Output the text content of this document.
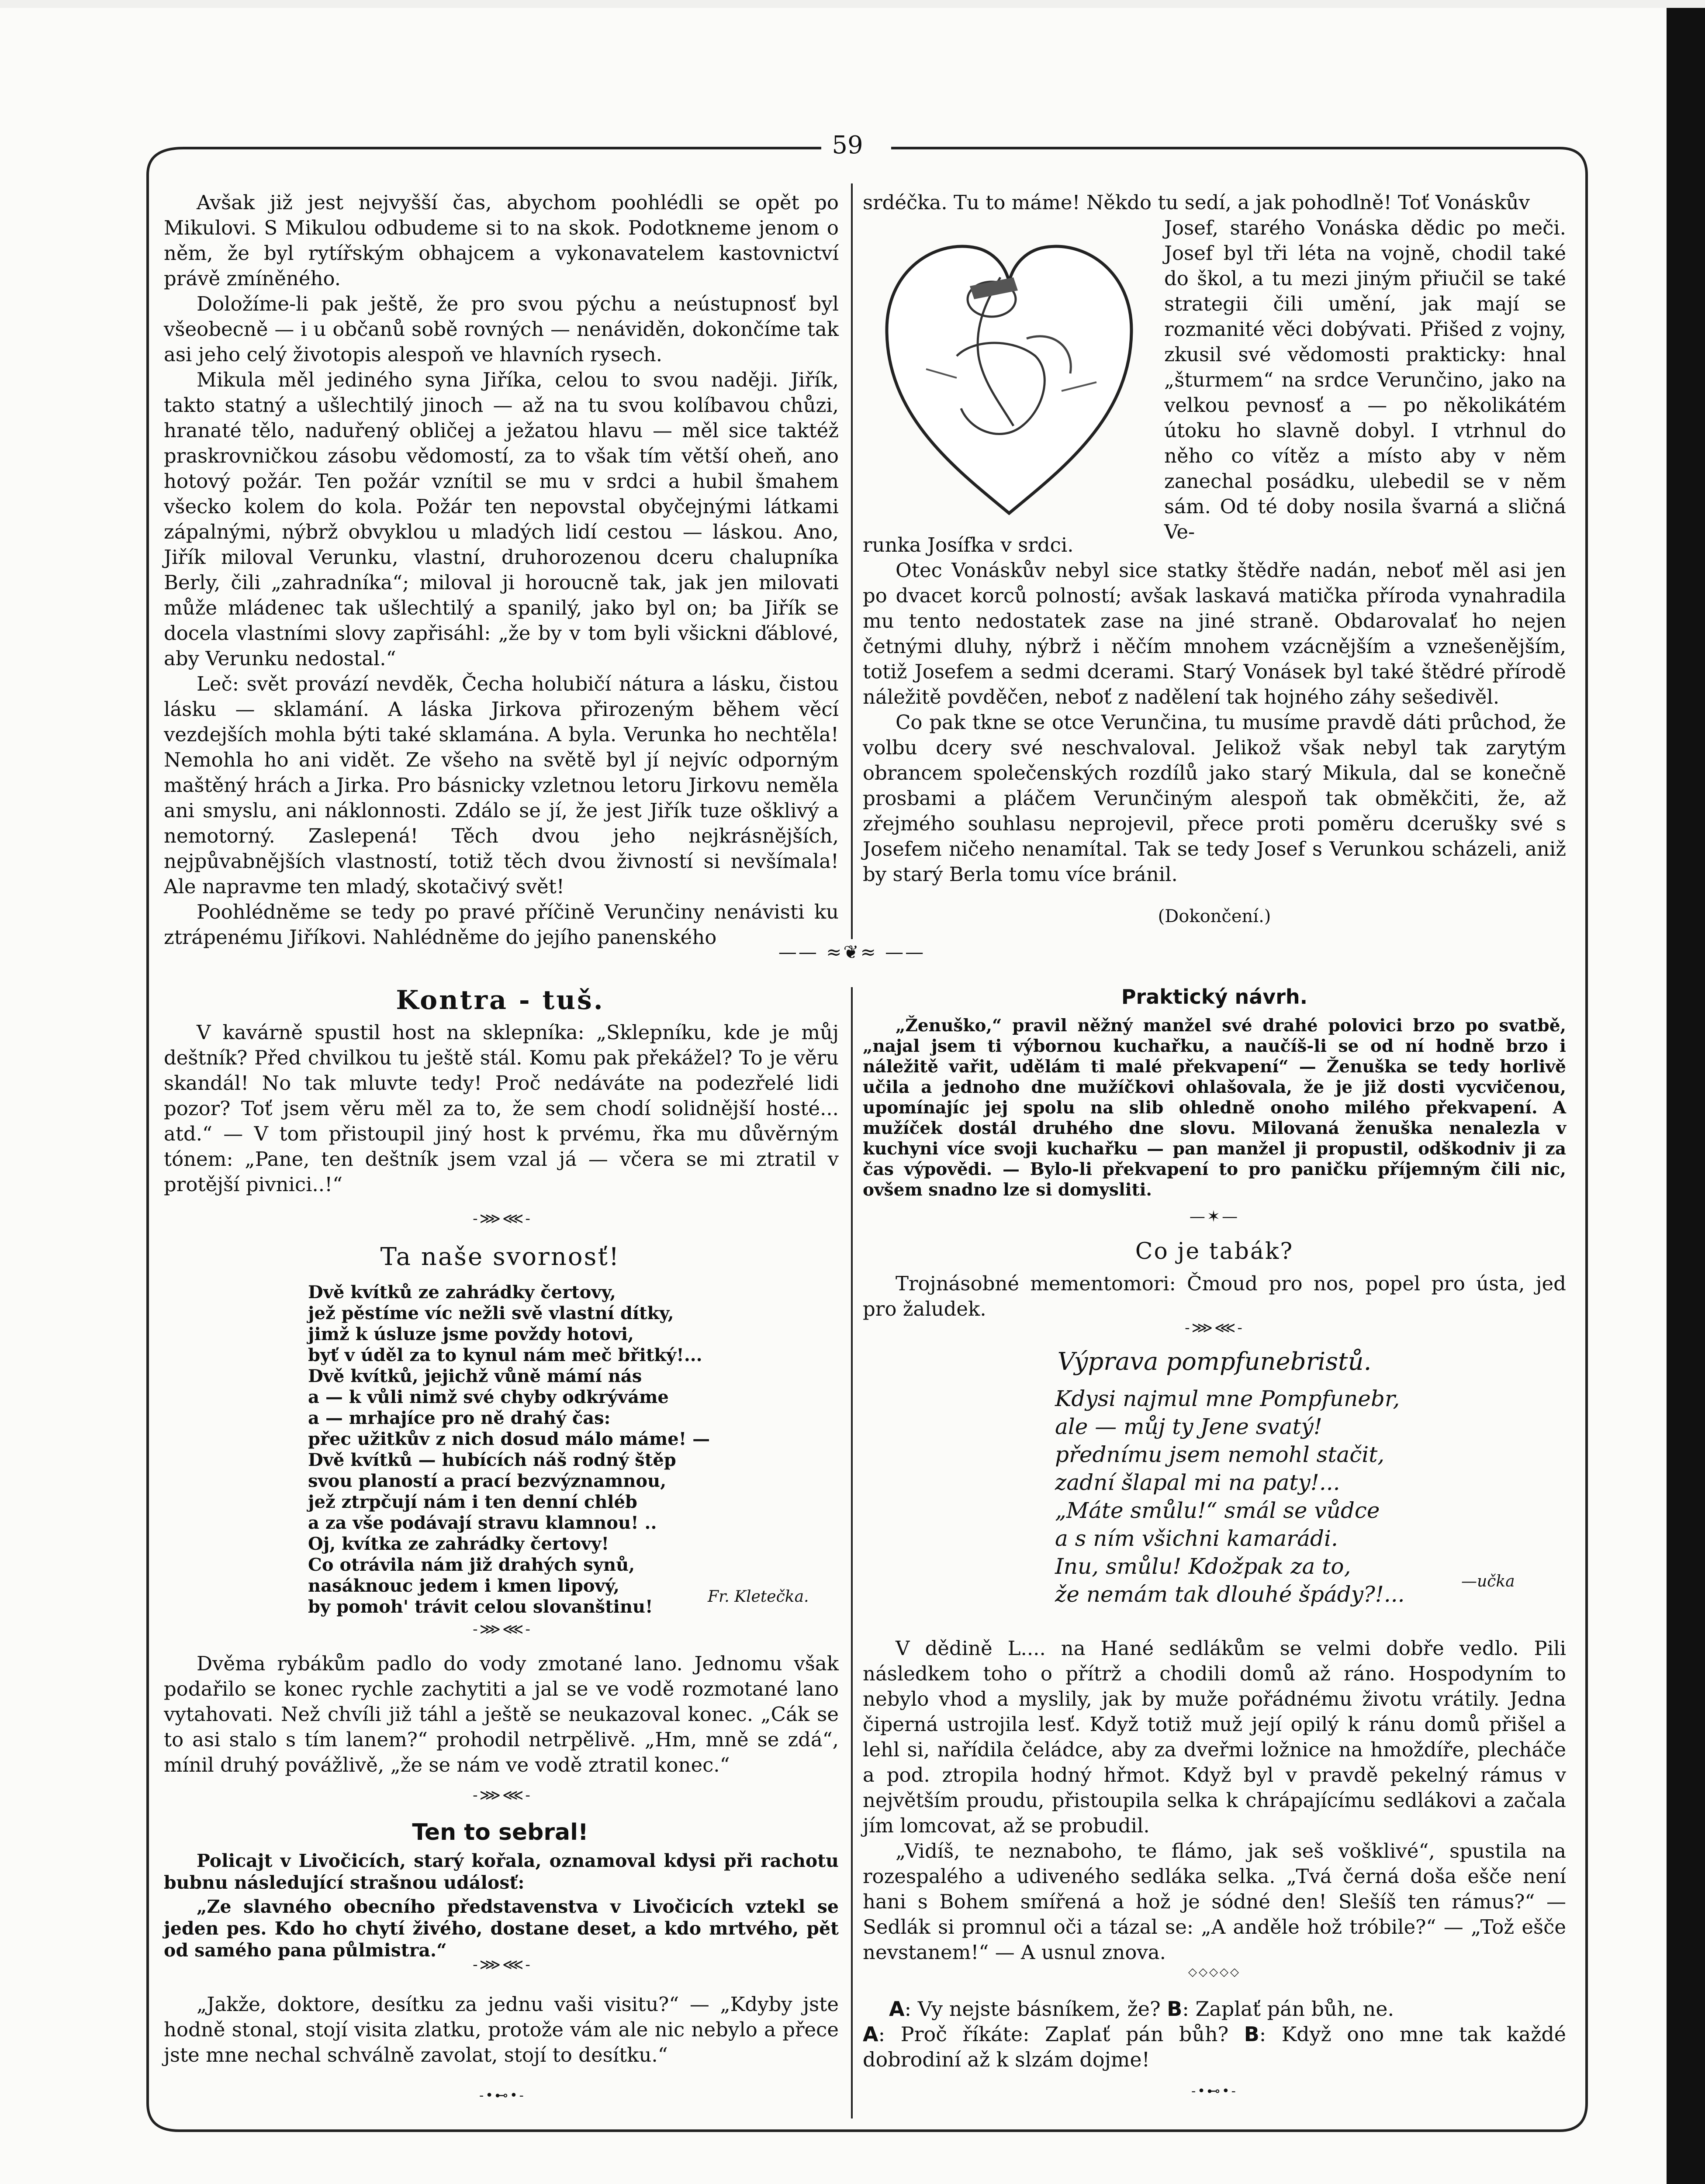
59

Avšak již jest nejvyšší čas, abychom poohlédli se opět po Mikulovi. S Mikulou odbudeme si to na skok. Podotkneme jenom o něm, že byl rytířským obhajcem a vykonavatelem kastovnictví právě zmíněného.

Doložíme-li pak ještě, že pro svou pýchu a neústupnosť byl všeobecně — i u občanů sobě rovných — nenáviděn, dokončíme tak asi jeho celý životopis alespoň ve hlavních rysech.

Mikula měl jediného syna Jiříka, celou to svou naději. Jiřík, takto statný a ušlechtilý jinoch — až na tu svou kolíbavou chůzi, hranaté tělo, naduřený obličej a ježatou hlavu — měl sice taktéž praskrovničkou zásobu vědomostí, za to však tím větší oheň, ano hotový požár. Ten požár vznítil se mu v srdci a hubil šmahem všecko kolem do kola. Požár ten nepovstal obyčejnými látkami zápalnými, nýbrž obvyklou u mladých lidí cestou — láskou. Ano, Jiřík miloval Verunku, vlastní, druhorozenou dceru chalupníka Berly, čili „zahradníka“; miloval ji horoucně tak, jak jen milovati může mládenec tak ušlechtilý a spanilý, jako byl on; ba Jiřík se docela vlastními slovy zapřisáhl: „že by v tom byli všickni ďáblové, aby Verunku nedostal.“

Leč: svět provází nevděk, Čecha holubičí nátura a lásku, čistou lásku — sklamání. A láska Jirkova přirozeným během věcí vezdejších mohla býti také sklamána. A byla. Verunka ho nechtěla! Nemohla ho ani vidět. Ze všeho na světě byl jí nejvíc odporným maštěný hrách a Jirka. Pro básnicky vzletnou letoru Jirkovu neměla ani smyslu, ani náklonnosti. Zdálo se jí, že jest Jiřík tuze ošklivý a nemotorný. Zaslepená! Těch dvou jeho nejkrásnějších, nejpůvabnějších vlastností, totiž těch dvou živností si nevšímala! Ale napravme ten mladý, skotačivý svět!

Poohlédněme se tedy po pravé příčině Verunčiny nenávisti ku ztrápenému Jiříkovi. Nahlédněme do jejího panenského

srdéčka. Tu to máme! Někdo tu sedí, a jak pohodlně! Toť Vonáskův

Josef, starého Vonáska dědic po meči. Josef byl tři léta na vojně, chodil také do škol, a tu mezi jiným přiučil se také strategii čili umění, jak mají se rozmanité věci dobývati. Přišed z vojny, zkusil své vědomosti prakticky: hnal „šturmem“ na srdce Verunčino, jako na velkou pevnosť a — po několikátém útoku ho slavně dobyl. I vtrhnul do něho co vítěz a místo aby v něm zanechal posádku, ulebedil se v něm sám. Od té doby nosila švarná a sličná Ve-

runka Josífka v srdci.

Otec Vonáskův nebyl sice statky štědře nadán, neboť měl asi jen po dvacet korců polností; avšak laskavá matička příroda vynahradila mu tento nedostatek zase na jiné straně. Obdarovalať ho nejen četnými dluhy, nýbrž i něčím mnohem vzácnějším a vznešenějším, totiž Josefem a sedmi dcerami. Starý Vonásek byl také štědré přírodě náležitě povděčen, neboť z nadělení tak hojného záhy sešedivěl.

Co pak tkne se otce Verunčina, tu musíme pravdě dáti průchod, že volbu dcery své neschvaloval. Jelikož však nebyl tak zarytým obrancem společenských rozdílů jako starý Mikula, dal se konečně prosbami a pláčem Verunčiným alespoň tak obměkčiti, že, až zřejmého souhlasu neprojevil, přece proti poměru dcerušky své s Josefem ničeho nenamítal. Tak se tedy Josef s Verunkou scházeli, aniž by starý Berla tomu více bránil.

(Dokončení.)
—— ≈❦≈ ——
Kontra - tuš.

V kavárně spustil host na sklepníka: „Sklepníku, kde je můj deštník? Před chvilkou tu ještě stál. Komu pak překážel? To je věru skandál! No tak mluvte tedy! Proč nedáváte na podezřelé lidi pozor? Toť jsem věru měl za to, že sem chodí solidnější hosté... atd.“ — V tom přistoupil jiný host k prvému, řka mu důvěrným tónem: „Pane, ten deštník jsem vzal já — včera se mi ztratil v protější pivnici..!“

-⋙⋘-
Ta naše svornosť!
Dvě kvítků ze zahrádky čertovy,
jež pěstíme víc nežli svě vlastní dítky,
jimž k úsluze jsme povždy hotovi,
byť v úděl za to kynul nám meč břitký!...
Dvě kvítků, jejichž vůně mámí nás
a — k vůli nimž své chyby odkrýváme
a — mrhajíce pro ně drahý čas:
přec užitkův z nich dosud málo máme! —
Dvě kvítků — hubících náš rodný štěp
svou plaností a prací bezvýznamnou,
jež ztrpčují nám i ten denní chléb
a za vše podávají stravu klamnou! ..
Oj, kvítka ze zahrádky čertovy!
Co otrávila nám již drahých synů,
nasáknouc jedem i kmen lipový,
by pomoh' trávit celou slovanštinu!	Fr. Kletečka.
-⋙⋘-

Dvěma rybákům padlo do vody zmotané lano. Jednomu však podařilo se konec rychle zachytiti a jal se ve vodě rozmotané lano vytahovati. Než chvíli již táhl a ještě se neukazoval konec. „Cák se to asi stalo s tím lanem?“ prohodil netrpělivě. „Hm, mně se zdá“, mínil druhý povážlivě, „že se nám ve vodě ztratil konec.“

-⋙⋘-
Ten to sebral!

Policajt v Livočicích, starý kořala, oznamoval kdysi při rachotu bubnu následující strašnou událosť:

„Ze slavného obecního představenstva v Livočicích vztekl se jeden pes. Kdo ho chytí živého, dostane deset, a kdo mrtvého, pět od samého pana půlmistra.“

-⋙⋘-

„Jakže, doktore, desítku za jednu vaši visitu?“ — „Kdyby jste hodně stonal, stojí visita zlatku, protože vám ale nic nebylo a přece jste mne nechal schválně zavolat, stojí to desítku.“

-•⊷•-
Praktický návrh.

„Ženuško,“ pravil něžný manžel své drahé polovici brzo po svatbě, „najal jsem ti výbornou kuchařku, a naučíš-li se od ní hodně brzo i náležitě vařit, udělám ti malé překvapení“ — Ženuška se tedy horlivě učila a jednoho dne mužíčkovi ohlašovala, že je již dosti vycvičenou, upomínajíc jej spolu na slib ohledně onoho milého překvapení. A mužíček dostál druhého dne slovu. Milovaná ženuška nenalezla v kuchyni více svoji kuchařku — pan manžel ji propustil, odškodniv ji za čas výpovědi. — Bylo-li překvapení to pro paničku příjemným čili nic, ovšem snadno lze si domysliti.

—✶—
Co je tabák?

Trojnásobné mementomori: Čmoud pro nos, popel pro ústa, jed pro žaludek.

-⋙⋘-
Výprava pompfunebristů.
Kdysi najmul mne Pompfunebr,
ale — můj ty Jene svatý!
přednímu jsem nemohl stačit,
zadní šlapal mi na paty!...
„Máte smůlu!“ smál se vůdce
a s ním všichni kamarádi.
Inu, smůlu! Kdožpak za to,
že nemám tak dlouhé špády?!...
—učka

V dědině L.... na Hané sedlákům se velmi dobře vedlo. Pili následkem toho o přítrž a chodili domů až ráno. Hospodyním to nebylo vhod a myslily, jak by muže pořádnému životu vrátily. Jedna čiperná ustrojila lesť. Když totiž muž její opilý k ránu domů přišel a lehl si, nařídila čeládce, aby za dveřmi ložnice na hmoždíře, plecháče a pod. ztropila hodný hřmot. Když byl v pravdě pekelný rámus v největším proudu, přistoupila selka k chrápajícímu sedlákovi a začala jím lomcovat, až se probudil.

„Vidíš, te neznaboho, te flámo, jak seš vošklivé“, spustila na rozespalého a udiveného sedláka selka. „Tvá černá doša ešče není hani s Bohem smířená a hož je sódné den! Slešíš ten rámus?“ — Sedlák si promnul oči a tázal se: „A anděle hož tróbile?“ — „Tož ešče nevstanem!“ — A usnul znova.

◇◇◇◇◇
A: Vy nejste básníkem, že? B: Zaplať pán bůh, ne.
A: Proč říkáte: Zaplať pán bůh? B: Když ono mne tak každé dobrodiní až k slzám dojme!
-•⊷•-
